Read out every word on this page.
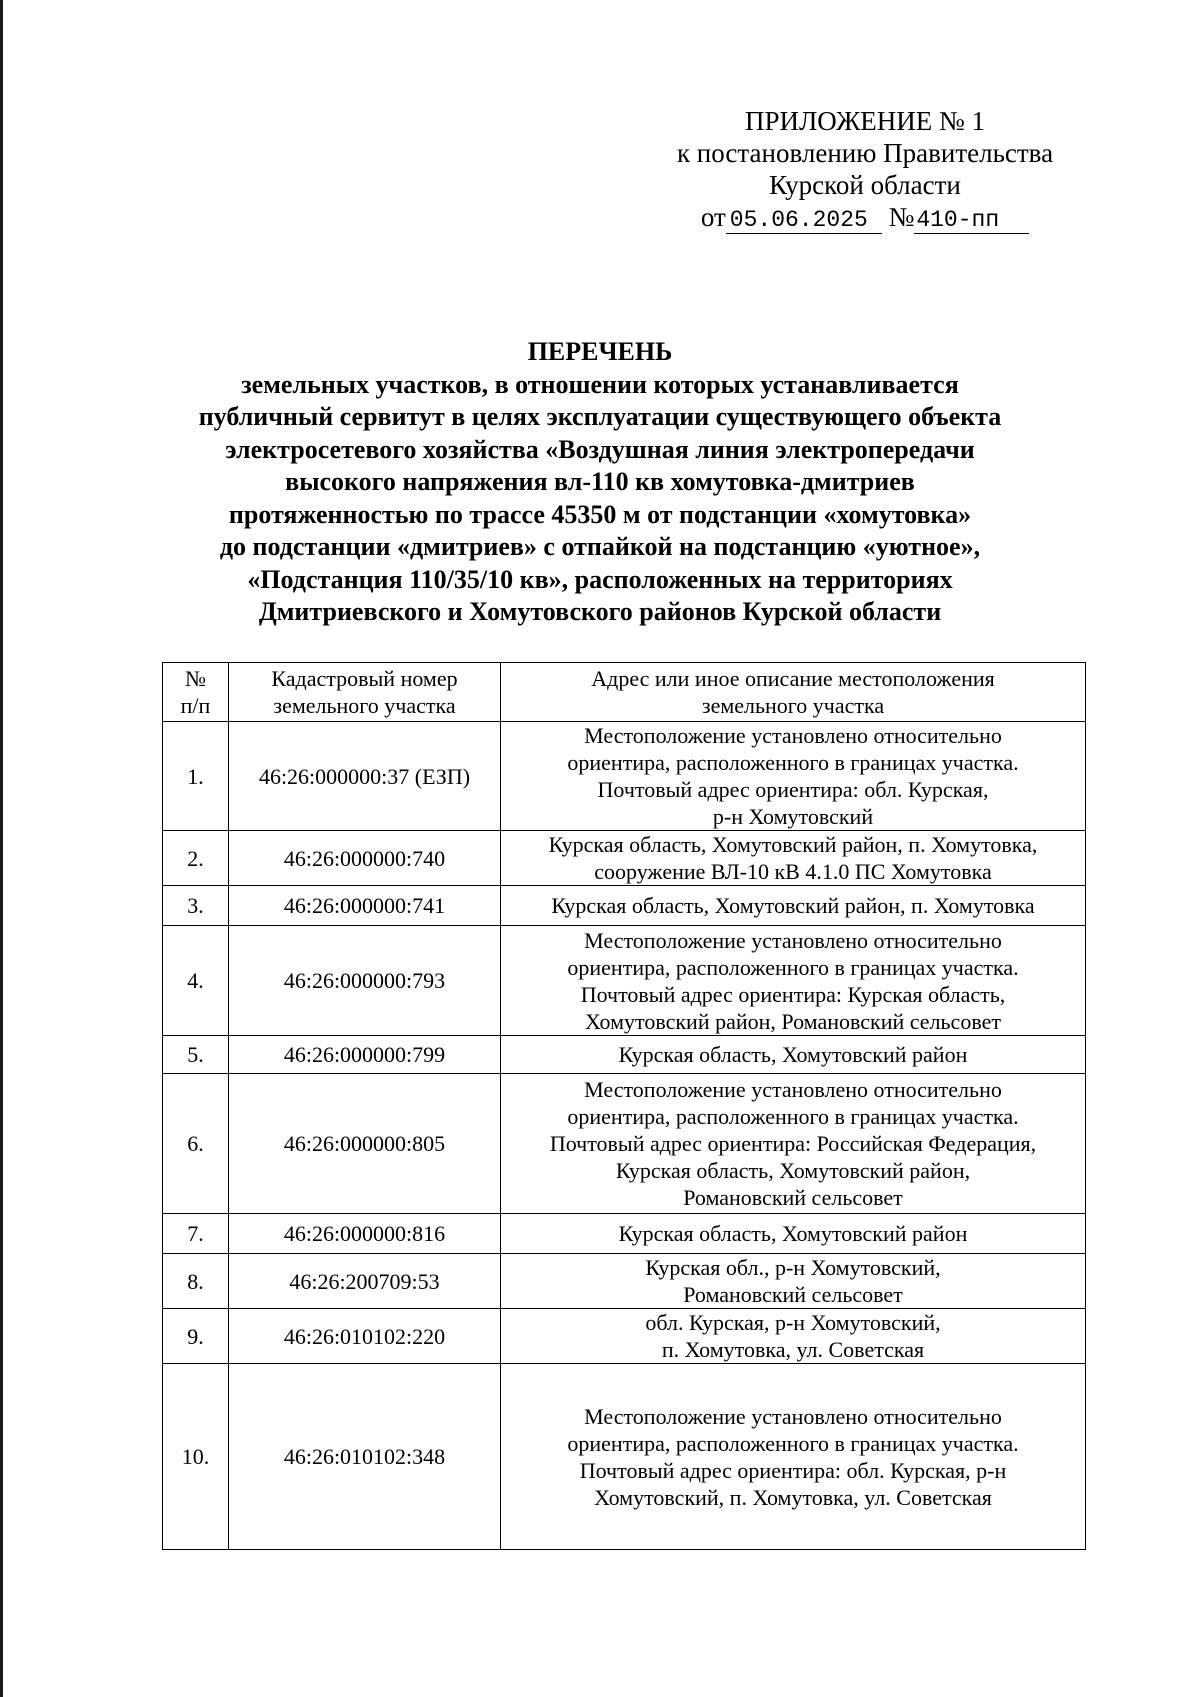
ПРИЛОЖЕНИЕ № 1
к постановлению Правительства
Курской области
от 05.06.2025 №410-пп
ПЕРЕЧЕНЬ
земельных участков, в отношении которых устанавливается
публичный сервитут в целях эксплуатации существующего объекта
электросетевого хозяйства «Воздушная линия электропередачи
высокого напряжения вл-110 кв хомутовка-дмитриев
протяженностью по трассе 45350 м от подстанции «хомутовка»
до подстанции «дмитриев» с отпайкой на подстанцию «уютное»,
«Подстанция 110/35/10 кв», расположенных на территориях
Дмитриевского и Хомутовского районов Курской области
№
п/п	Кадастровый номер
земельного участка	Адрес или иное описание местоположения
земельного участка

1.	46:26:000000:37 (ЕЗП)	Местоположение установлено относительно
ориентира, расположенного в границах участка.
Почтовый адрес ориентира: обл. Курская,
р-н Хомутовский

2.	46:26:000000:740	Курская область, Хомутовский район, п. Хомутовка,
сооружение ВЛ-10 кВ 4.1.0 ПС Хомутовка

3.	46:26:000000:741	Курская область, Хомутовский район, п. Хомутовка

4.	46:26:000000:793	Местоположение установлено относительно
ориентира, расположенного в границах участка.
Почтовый адрес ориентира: Курская область,
Хомутовский район, Романовский сельсовет

5.	46:26:000000:799	Курская область, Хомутовский район

6.	46:26:000000:805	Местоположение установлено относительно
ориентира, расположенного в границах участка.
Почтовый адрес ориентира: Российская Федерация,
Курская область, Хомутовский район,
Романовский сельсовет

7.	46:26:000000:816	Курская область, Хомутовский район

8.	46:26:200709:53	Курская обл., р-н Хомутовский,
Романовский сельсовет

9.	46:26:010102:220	обл. Курская, р-н Хомутовский,
п. Хомутовка, ул. Советская

10.	46:26:010102:348	Местоположение установлено относительно
ориентира, расположенного в границах участка.
Почтовый адрес ориентира: обл. Курская, р-н
Хомутовский, п. Хомутовка, ул. Советская
